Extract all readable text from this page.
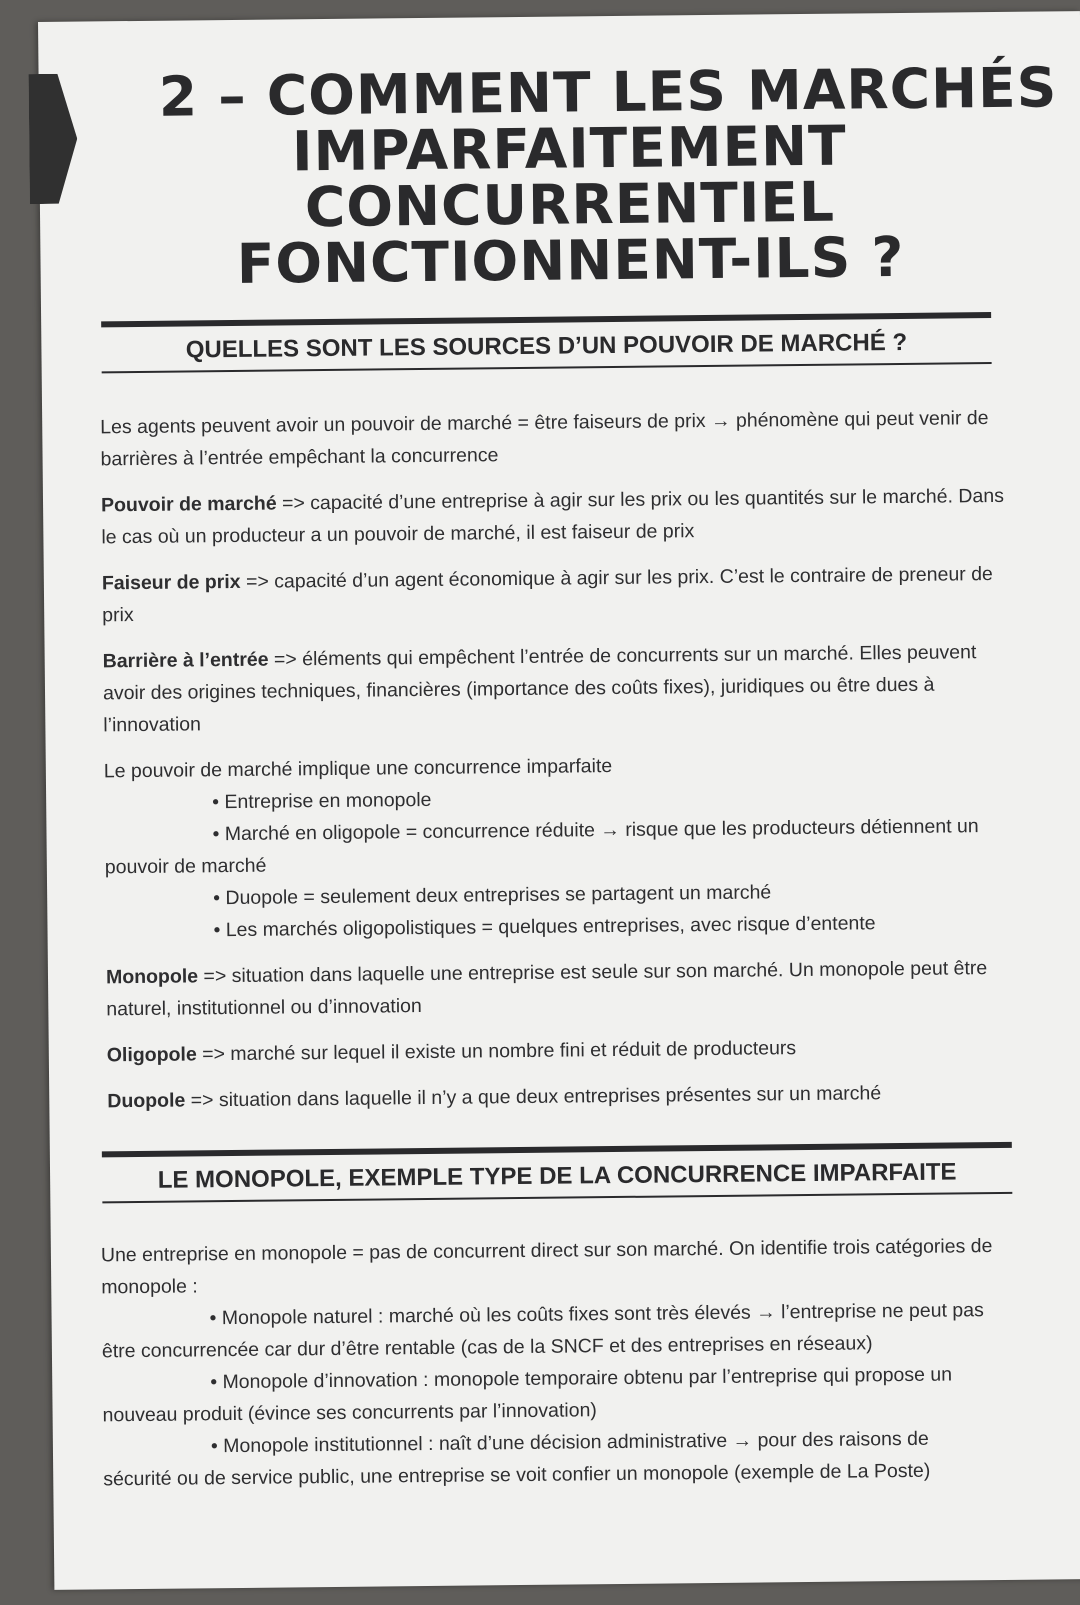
2 – COMMENT LES MARCHÉS
IMPARFAITEMENT
CONCURRENTIEL
FONCTIONNENT-ILS ?
QUELLES SONT LES SOURCES D’UN POUVOIR DE MARCHÉ ?

Les agents peuvent avoir un pouvoir de marché = être faiseurs de prix → phénomène qui peut venir de barrières à l’entrée empêchant la concurrence

Pouvoir de marché => capacité d’une entreprise à agir sur les prix ou les quantités sur le marché. Dans le cas où un producteur a un pouvoir de marché, il est faiseur de prix

Faiseur de prix => capacité d’un agent économique à agir sur les prix. C’est le contraire de preneur de prix

Barrière à l’entrée => éléments qui empêchent l’entrée de concurrents sur un marché. Elles peuvent avoir des origines techniques, financières (importance des coûts fixes), juridiques ou être dues à l’innovation

Le pouvoir de marché implique une concurrence imparfaite

• Entreprise en monopole

• Marché en oligopole = concurrence réduite → risque que les producteurs détiennent un

pouvoir de marché

• Duopole = seulement deux entreprises se partagent un marché

• Les marchés oligopolistiques = quelques entreprises, avec risque d’entente

Monopole => situation dans laquelle une entreprise est seule sur son marché. Un monopole peut être naturel, institutionnel ou d’innovation

Oligopole => marché sur lequel il existe un nombre fini et réduit de producteurs

Duopole => situation dans laquelle il n’y a que deux entreprises présentes sur un marché

LE MONOPOLE, EXEMPLE TYPE DE LA CONCURRENCE IMPARFAITE

Une entreprise en monopole = pas de concurrent direct sur son marché. On identifie trois catégories de monopole :

• Monopole naturel : marché où les coûts fixes sont très élevés → l’entreprise ne peut pas

être concurrencée car dur d’être rentable (cas de la SNCF et des entreprises en réseaux)

• Monopole d’innovation : monopole temporaire obtenu par l’entreprise qui propose un

nouveau produit (évince ses concurrents par l’innovation)

• Monopole institutionnel : naît d’une décision administrative → pour des raisons de

sécurité ou de service public, une entreprise se voit confier un monopole (exemple de La Poste)
